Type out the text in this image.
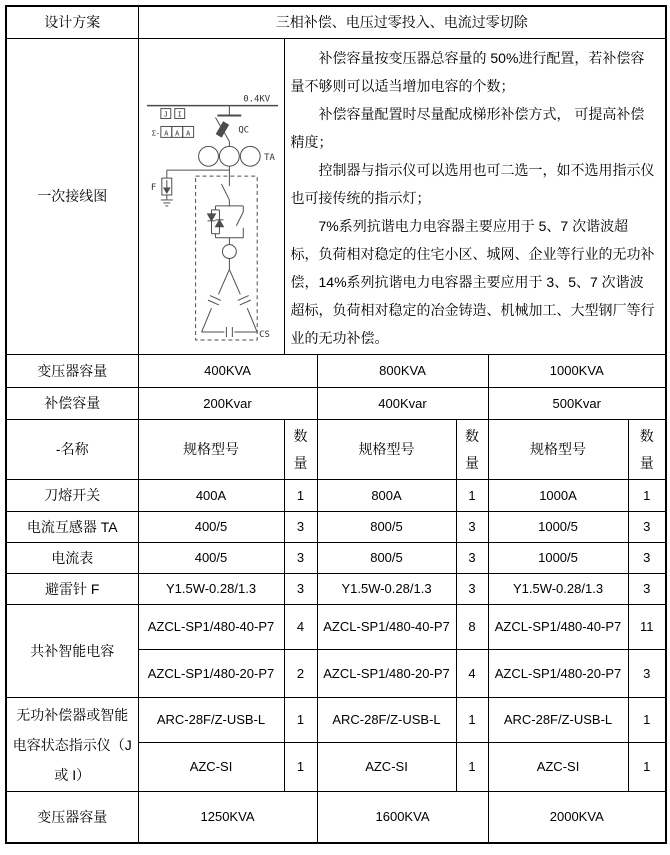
设计方案	三相补偿、电压过零投入、电流过零切除					
一次接线图	
0.4KV
QC
TA
F
CS
J I
Σ- A A A

补偿容量按变压器总容量的 50%进行配置，若补偿容量不够则可以适当增加电容的个数；

补偿容量配置时尽量配成梯形补偿方式， 可提高补偿精度；

控制器与指示仪可以选用也可二选一，如不选用指示仪也可接传统的指示灯；

7%系列抗谐电力电容器主要应用于 5、7 次谐波超标，负荷相对稳定的住宅小区、城网、企业等行业的无功补偿，14%系列抗谐电力电容器主要应用于 3、5、7 次谐波超标，负荷相对稳定的冶金铸造、机械加工、大型钢厂等行业的无功补偿。

变压器容量	400KVA		800KVA		1000KVA	
补偿容量	200Kvar		400Kvar		500Kvar	
-名称	规格型号	数量	规格型号	数量	规格型号	数量

刀熔开关	400A	1	800A	1	1000A	1
电流互感器 TA	400/5	3	800/5	3	1000/5	3
电流表	400/5	3	800/5	3	1000/5	3
避雷针 F	Y1.5W-0.28/1.3	3	Y1.5W-0.28/1.3	3	Y1.5W-0.28/1.3	3
共补智能电容	AZCL-SP1/480-40-P7	4	AZCL-SP1/480-40-P7	8	AZCL-SP1/480-40-P7	11
	AZCL-SP1/480-20-P7	2	AZCL-SP1/480-20-P7	4	AZCL-SP1/480-20-P7	3

无功补偿器或智能
电容状态指示仪（J
或 I）	ARC-28F/Z-USB-L	1	ARC-28F/Z-USB-L	1	ARC-28F/Z-USB-L	1
	AZC-SI	1	AZC-SI	1	AZC-SI	1
变压器容量	1250KVA		1600KVA		2000KVA	
